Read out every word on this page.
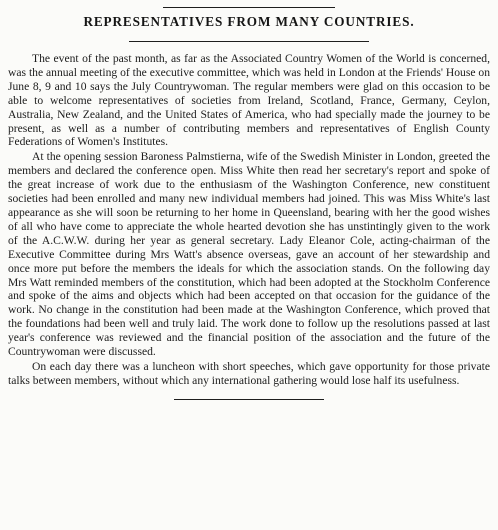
REPRESENTATIVES FROM MANY COUNTRIES.

The event of the past month, as far as the Associated Country Women of the World is concerned, was the annual meeting of the executive committee, which was held in London at the Friends' House on June 8, 9 and 10 says the July Countrywoman. The regular members were glad on this occasion to be able to welcome representatives of societies from Ireland, Scotland, France, Germany, Ceylon, Australia, New Zealand, and the United States of America, who had specially made the journey to be present, as well as a number of contributing members and representatives of English County Federations of Women's Institutes.

At the opening session Baroness Palmstierna, wife of the Swedish Minister in London, greeted the members and declared the conference open. Miss White then read her secretary's report and spoke of the great increase of work due to the enthusiasm of the Washington Conference, new constituent societies had been enrolled and many new individual members had joined. This was Miss White's last appearance as she will soon be returning to her home in Queensland, bearing with her the good wishes of all who have come to appreciate the whole hearted devotion she has unstintingly given to the work of the A.C.W.W. during her year as general secretary. Lady Eleanor Cole, acting-chairman of the Executive Committee during Mrs Watt's absence overseas, gave an account of her stewardship and once more put before the members the ideals for which the association stands. On the following day Mrs Watt reminded members of the constitution, which had been adopted at the Stockholm Conference and spoke of the aims and objects which had been accepted on that occasion for the guidance of the work. No change in the constitution had been made at the Washington Conference, which proved that the foundations had been well and truly laid. The work done to follow up the resolutions passed at last year's conference was reviewed and the financial position of the association and the future of the Countrywoman were discussed.

On each day there was a luncheon with short speeches, which gave opportunity for those private talks between members, without which any international gathering would lose half its usefulness.
